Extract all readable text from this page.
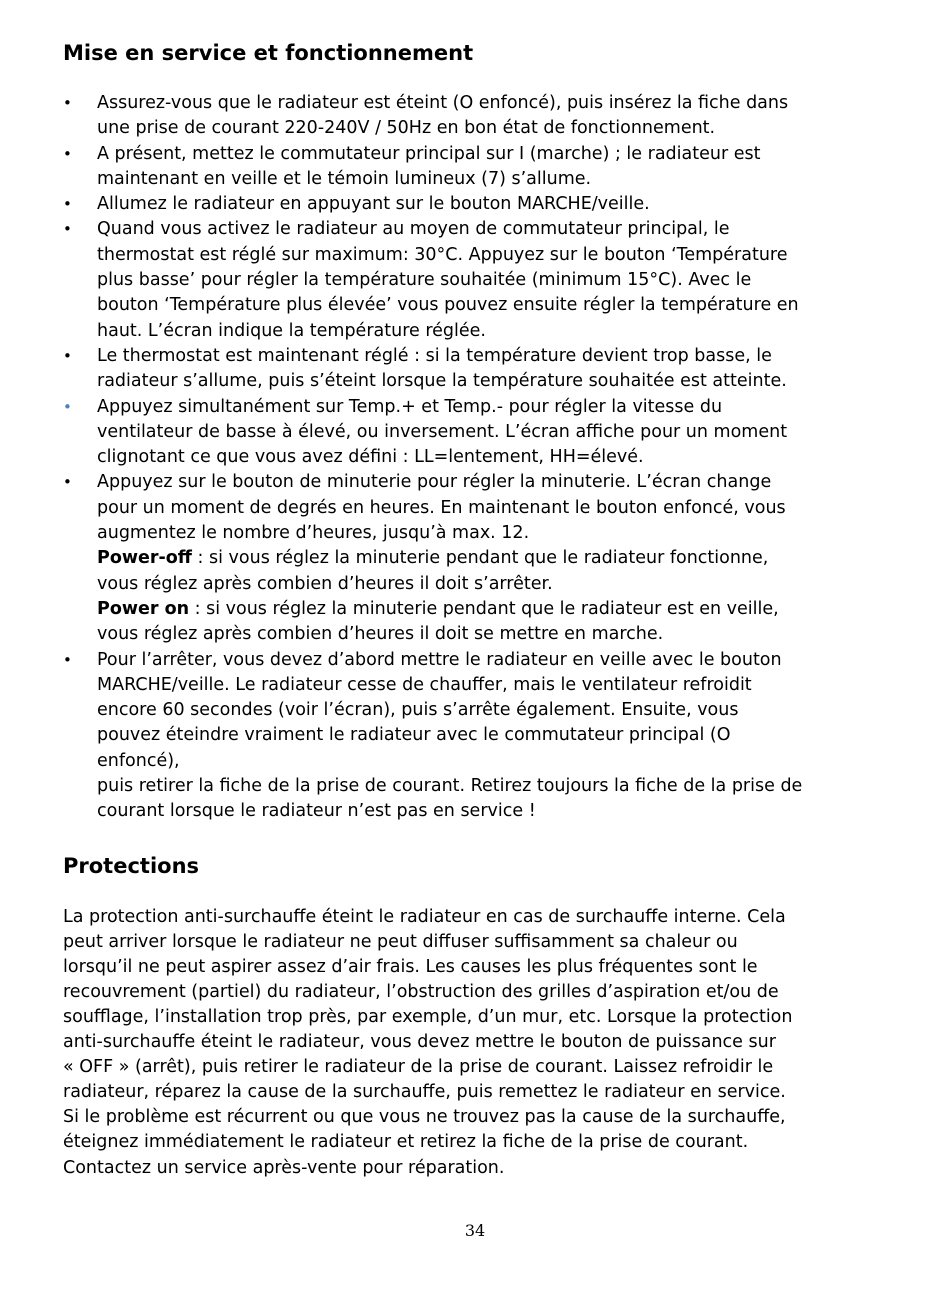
Mise en service et fonctionnement
• Assurez-vous que le radiateur est éteint (O enfoncé), puis insérez la fiche dans
une prise de courant 220-240V / 50Hz en bon état de fonctionnement.
• A présent, mettez le commutateur principal sur I (marche) ; le radiateur est
maintenant en veille et le témoin lumineux (7) s’allume.
• Allumez le radiateur en appuyant sur le bouton MARCHE/veille.
• Quand vous activez le radiateur au moyen de commutateur principal, le
thermostat est réglé sur maximum: 30°C. Appuyez sur le bouton ‘Température
plus basse’ pour régler la température souhaitée (minimum 15°C). Avec le
bouton ‘Température plus élevée’ vous pouvez ensuite régler la température en
haut. L’écran indique la température réglée.
• Le thermostat est maintenant réglé : si la température devient trop basse, le
radiateur s’allume, puis s’éteint lorsque la température souhaitée est atteinte.
• Appuyez simultanément sur Temp.+ et Temp.- pour régler la vitesse du
ventilateur de basse à élevé, ou inversement. L’écran affiche pour un moment
clignotant ce que vous avez défini : LL=lentement, HH=élevé.
• Appuyez sur le bouton de minuterie pour régler la minuterie. L’écran change
pour un moment de degrés en heures. En maintenant le bouton enfoncé, vous
augmentez le nombre d’heures, jusqu’à max. 12.
Power-off : si vous réglez la minuterie pendant que le radiateur fonctionne,
vous réglez après combien d’heures il doit s’arrêter.
Power on : si vous réglez la minuterie pendant que le radiateur est en veille,
vous réglez après combien d’heures il doit se mettre en marche.
• Pour l’arrêter, vous devez d’abord mettre le radiateur en veille avec le bouton
MARCHE/veille. Le radiateur cesse de chauffer, mais le ventilateur refroidit
encore 60 secondes (voir l’écran), puis s’arrête également. Ensuite, vous
pouvez éteindre vraiment le radiateur avec le commutateur principal (O
enfoncé),
puis retirer la fiche de la prise de courant. Retirez toujours la fiche de la prise de
courant lorsque le radiateur n’est pas en service !
Protections

La protection anti-surchauffe éteint le radiateur en cas de surchauffe interne. Cela
peut arriver lorsque le radiateur ne peut diffuser suffisamment sa chaleur ou
lorsqu’il ne peut aspirer assez d’air frais. Les causes les plus fréquentes sont le
recouvrement (partiel) du radiateur, l’obstruction des grilles d’aspiration et/ou de
soufflage, l’installation trop près, par exemple, d’un mur, etc. Lorsque la protection
anti-surchauffe éteint le radiateur, vous devez mettre le bouton de puissance sur
« OFF » (arrêt), puis retirer le radiateur de la prise de courant. Laissez refroidir le
radiateur, réparez la cause de la surchauffe, puis remettez le radiateur en service.
Si le problème est récurrent ou que vous ne trouvez pas la cause de la surchauffe,
éteignez immédiatement le radiateur et retirez la fiche de la prise de courant.
Contactez un service après-vente pour réparation.

34
